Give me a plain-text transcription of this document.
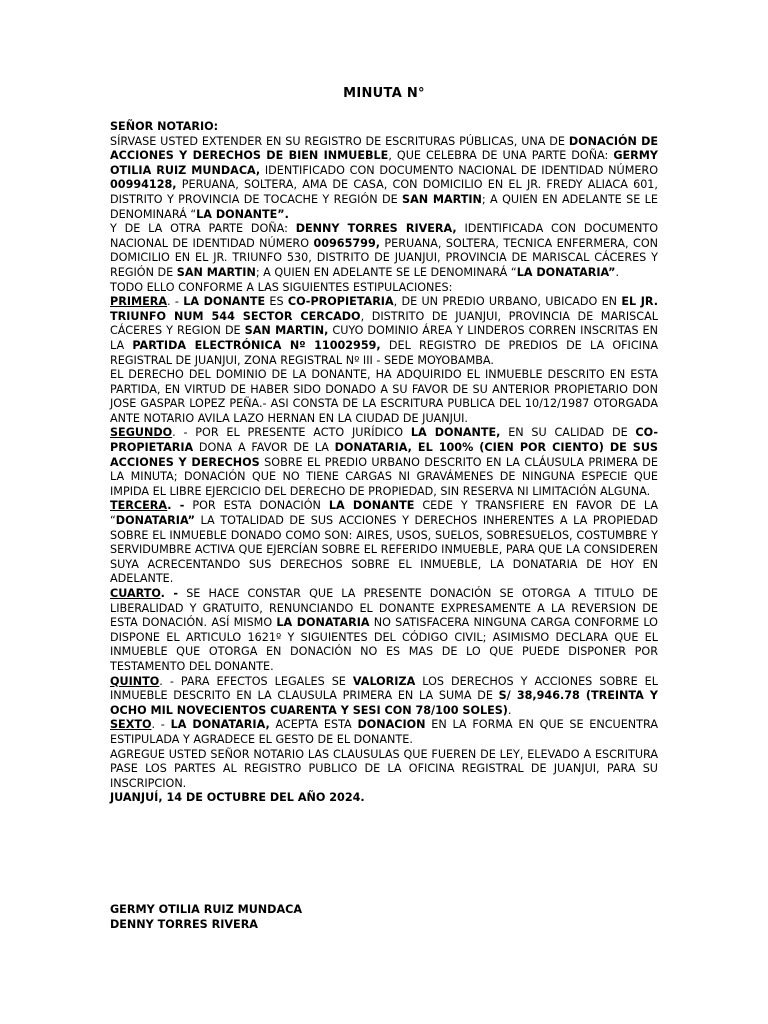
MINUTA N°

SEÑOR NOTARIO:

SÍRVASE USTED EXTENDER EN SU REGISTRO DE ESCRITURAS PÚBLICAS, UNA DE DONACIÓN DE ACCIONES Y DERECHOS DE BIEN INMUEBLE, QUE CELEBRA DE UNA PARTE DOÑA: GERMY OTILIA RUIZ MUNDACA, IDENTIFICADO CON DOCUMENTO NACIONAL DE IDENTIDAD NÚMERO 00994128, PERUANA, SOLTERA, AMA DE CASA, CON DOMICILIO EN EL JR. FREDY ALIACA 601, DISTRITO Y PROVINCIA DE TOCACHE Y REGIÓN DE SAN MARTIN; A QUIEN EN ADELANTE SE LE DENOMINARÁ “LA DONANTE”.

Y DE LA OTRA PARTE DOÑA: DENNY TORRES RIVERA, IDENTIFICADA CON DOCUMENTO NACIONAL DE IDENTIDAD NÚMERO 00965799, PERUANA, SOLTERA, TECNICA ENFERMERA, CON DOMICILIO EN EL JR. TRIUNFO 530, DISTRITO DE JUANJUI, PROVINCIA DE MARISCAL CÁCERES Y REGIÓN DE SAN MARTIN; A QUIEN EN ADELANTE SE LE DENOMINARÁ “LA DONATARIA”.

TODO ELLO CONFORME A LAS SIGUIENTES ESTIPULACIONES:

PRIMERA. - LA DONANTE ES CO-PROPIETARIA, DE UN PREDIO URBANO, UBICADO EN EL JR. TRIUNFO NUM 544 SECTOR CERCADO, DISTRITO DE JUANJUI, PROVINCIA DE MARISCAL CÁCERES Y REGION DE SAN MARTIN, CUYO DOMINIO ÁREA Y LINDEROS CORREN INSCRITAS EN LA PARTIDA ELECTRÓNICA Nº 11002959, DEL REGISTRO DE PREDIOS DE LA OFICINA REGISTRAL DE JUANJUI, ZONA REGISTRAL Nº III - SEDE MOYOBAMBA.

EL DERECHO DEL DOMINIO DE LA DONANTE, HA ADQUIRIDO EL INMUEBLE DESCRITO EN ESTA PARTIDA, EN VIRTUD DE HABER SIDO DONADO A SU FAVOR DE SU ANTERIOR PROPIETARIO DON JOSE GASPAR LOPEZ PEÑA.- ASI CONSTA DE LA ESCRITURA PUBLICA DEL 10/12/1987 OTORGADA ANTE NOTARIO AVILA LAZO HERNAN EN LA CIUDAD DE JUANJUI.

SEGUNDO. - POR EL PRESENTE ACTO JURÍDICO LA DONANTE, EN SU CALIDAD DE CO-PROPIETARIA DONA A FAVOR DE LA DONATARIA, EL 100% (CIEN POR CIENTO) DE SUS ACCIONES Y DERECHOS SOBRE EL PREDIO URBANO DESCRITO EN LA CLÁUSULA PRIMERA DE LA MINUTA; DONACIÓN QUE NO TIENE CARGAS NI GRAVÁMENES DE NINGUNA ESPECIE QUE IMPIDA EL LIBRE EJERCICIO DEL DERECHO DE PROPIEDAD, SIN RESERVA NI LIMITACIÓN ALGUNA.

TERCERA. - POR ESTA DONACIÓN LA DONANTE CEDE Y TRANSFIERE EN FAVOR DE LA “DONATARIA” LA TOTALIDAD DE SUS ACCIONES Y DERECHOS INHERENTES A LA PROPIEDAD SOBRE EL INMUEBLE DONADO COMO SON: AIRES, USOS, SUELOS, SOBRESUELOS, COSTUMBRE Y SERVIDUMBRE ACTIVA QUE EJERCÍAN SOBRE EL REFERIDO INMUEBLE, PARA QUE LA CONSIDEREN SUYA ACRECENTANDO SUS DERECHOS SOBRE EL INMUEBLE, LA DONATARIA DE HOY EN ADELANTE.

CUARTO. - SE HACE CONSTAR QUE LA PRESENTE DONACIÓN SE OTORGA A TITULO DE LIBERALIDAD Y GRATUITO, RENUNCIANDO EL DONANTE EXPRESAMENTE A LA REVERSION DE ESTA DONACIÓN. ASÍ MISMO LA DONATARIA NO SATISFACERA NINGUNA CARGA CONFORME LO DISPONE EL ARTICULO 1621º Y SIGUIENTES DEL CÓDIGO CIVIL; ASIMISMO DECLARA QUE EL INMUEBLE QUE OTORGA EN DONACIÓN NO ES MAS DE LO QUE PUEDE DISPONER POR TESTAMENTO DEL DONANTE.

QUINTO. - PARA EFECTOS LEGALES SE VALORIZA LOS DERECHOS Y ACCIONES SOBRE EL INMUEBLE DESCRITO EN LA CLAUSULA PRIMERA EN LA SUMA DE S/ 38,946.78 (TREINTA Y OCHO MIL NOVECIENTOS CUARENTA Y SESI CON 78/100 SOLES).

SEXTO. - LA DONATARIA, ACEPTA ESTA DONACION EN LA FORMA EN QUE SE ENCUENTRA ESTIPULADA Y AGRADECE EL GESTO DE EL DONANTE.

AGREGUE USTED SEÑOR NOTARIO LAS CLAUSULAS QUE FUEREN DE LEY, ELEVADO A ESCRITURA PASE LOS PARTES AL REGISTRO PUBLICO DE LA OFICINA REGISTRAL DE JUANJUI, PARA SU INSCRIPCION.

JUANJUÍ, 14 DE OCTUBRE DEL AÑO 2024.

GERMY OTILIA RUIZ MUNDACA
DENNY TORRES RIVERA
